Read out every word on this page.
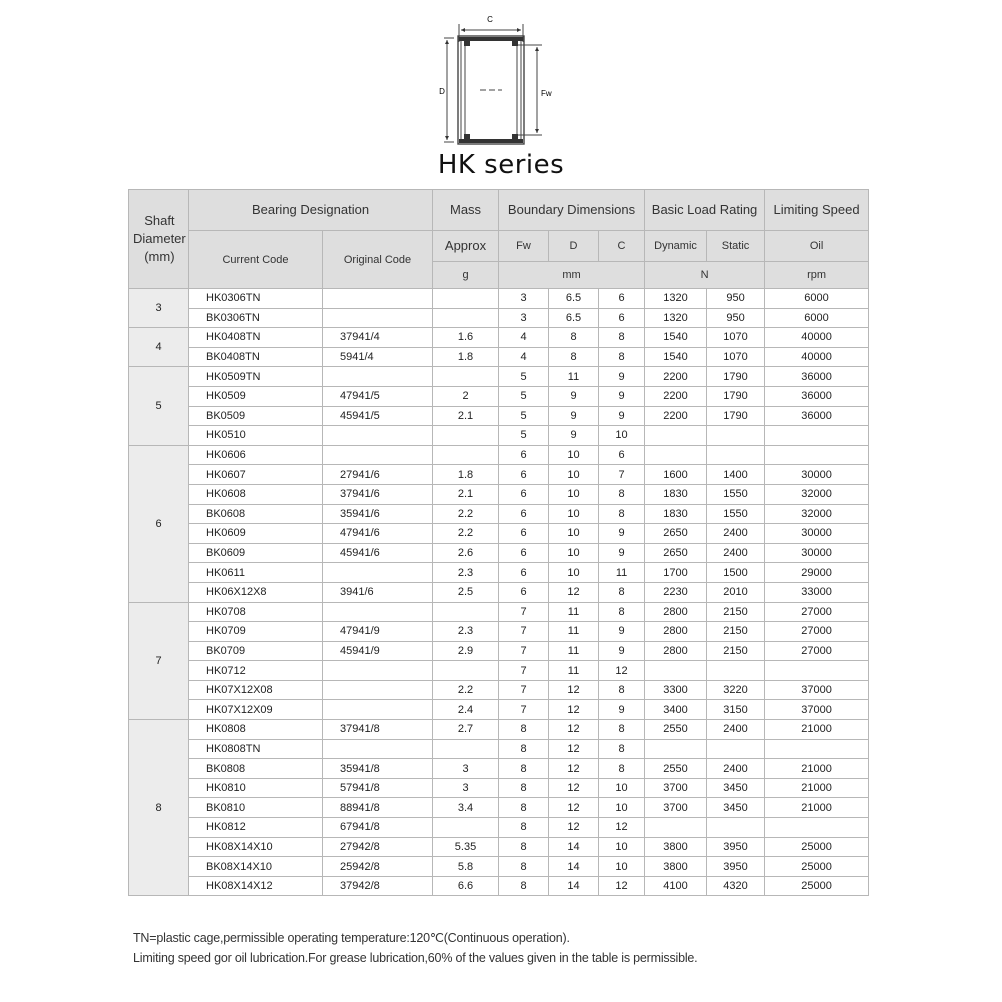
C
D	Fw
HK series
Shaft
Diameter
(mm)	Bearing Designation		Mass	Boundary Dimensions			Basic Load Rating		Limiting Speed
	Current Code	Original Code	Approx	Fw	D	C	Dynamic	Static	Oil
			g	mm			N		rpm
3	HK0306TN			3	6.5	6	1320	950	6000
	BK0306TN			3	6.5	6	1320	950	6000
4	HK0408TN	37941/4	1.6	4	8	8	1540	1070	40000
	BK0408TN	5941/4	1.8	4	8	8	1540	1070	40000
5	HK0509TN			5	11	9	2200	1790	36000
	HK0509	47941/5	2	5	9	9	2200	1790	36000
	BK0509	45941/5	2.1	5	9	9	2200	1790	36000
	HK0510			5	9	10			
6	HK0606			6	10	6			
	HK0607	27941/6	1.8	6	10	7	1600	1400	30000
	HK0608	37941/6	2.1	6	10	8	1830	1550	32000
	BK0608	35941/6	2.2	6	10	8	1830	1550	32000
	HK0609	47941/6	2.2	6	10	9	2650	2400	30000
	BK0609	45941/6	2.6	6	10	9	2650	2400	30000
	HK0611		2.3	6	10	11	1700	1500	29000
	HK06X12X8	3941/6	2.5	6	12	8	2230	2010	33000
7	HK0708			7	11	8	2800	2150	27000
	HK0709	47941/9	2.3	7	11	9	2800	2150	27000
	BK0709	45941/9	2.9	7	11	9	2800	2150	27000
	HK0712			7	11	12			
	HK07X12X08		2.2	7	12	8	3300	3220	37000
	HK07X12X09		2.4	7	12	9	3400	3150	37000
8	HK0808	37941/8	2.7	8	12	8	2550	2400	21000
	HK0808TN			8	12	8			
	BK0808	35941/8	3	8	12	8	2550	2400	21000
	HK0810	57941/8	3	8	12	10	3700	3450	21000
	BK0810	88941/8	3.4	8	12	10	3700	3450	21000
	HK0812	67941/8		8	12	12			
	HK08X14X10	27942/8	5.35	8	14	10	3800	3950	25000
	BK08X14X10	25942/8	5.8	8	14	10	3800	3950	25000
	HK08X14X12	37942/8	6.6	8	14	12	4100	4320	25000
TN=plastic cage,permissible operating temperature:120℃(Continuous operation).
Limiting speed gor oil lubrication.For grease lubrication,60% of the values given in the table is permissible.
